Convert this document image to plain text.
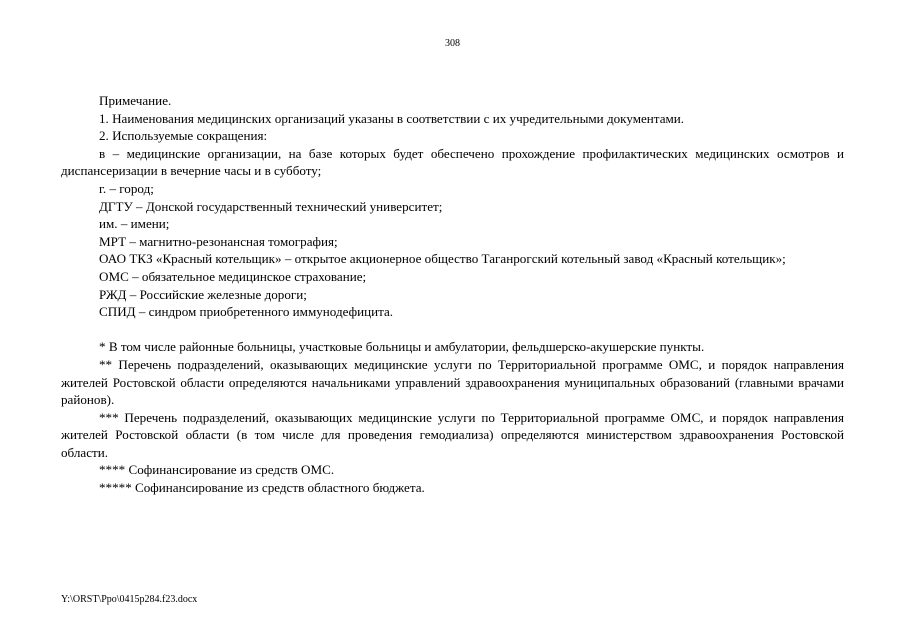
308

Примечание.

1. Наименования медицинских организаций указаны в соответствии с их учредительными документами.

2. Используемые сокращения:

в – медицинские организации, на базе которых будет обеспечено прохождение профилактических медицинских осмотров и диспансеризации в вечерние часы и в субботу;

г. – город;

ДГТУ – Донской государственный технический университет;

им. – имени;

МРТ – магнитно-резонансная томография;

ОАО ТКЗ «Красный котельщик» – открытое акционерное общество Таганрогский котельный завод «Красный котельщик»;

ОМС – обязательное медицинское страхование;

РЖД – Российские железные дороги;

СПИД – синдром приобретенного иммунодефицита.

* В том числе районные больницы, участковые больницы и амбулатории, фельдшерско-акушерские пункты.

** Перечень подразделений, оказывающих медицинские услуги по Территориальной программе ОМС, и порядок направления жителей Ростовской области определяются начальниками управлений здравоохранения муниципальных образований (главными врачами районов).

*** Перечень подразделений, оказывающих медицинские услуги по Территориальной программе ОМС, и порядок направления жителей Ростовской области (в том числе для проведения гемодиализа) определяются министерством здравоохранения Ростовской области.

**** Софинансирование из средств ОМС.

***** Софинансирование из средств областного бюджета.

Y:\ORST\Ppo\0415p284.f23.docx
